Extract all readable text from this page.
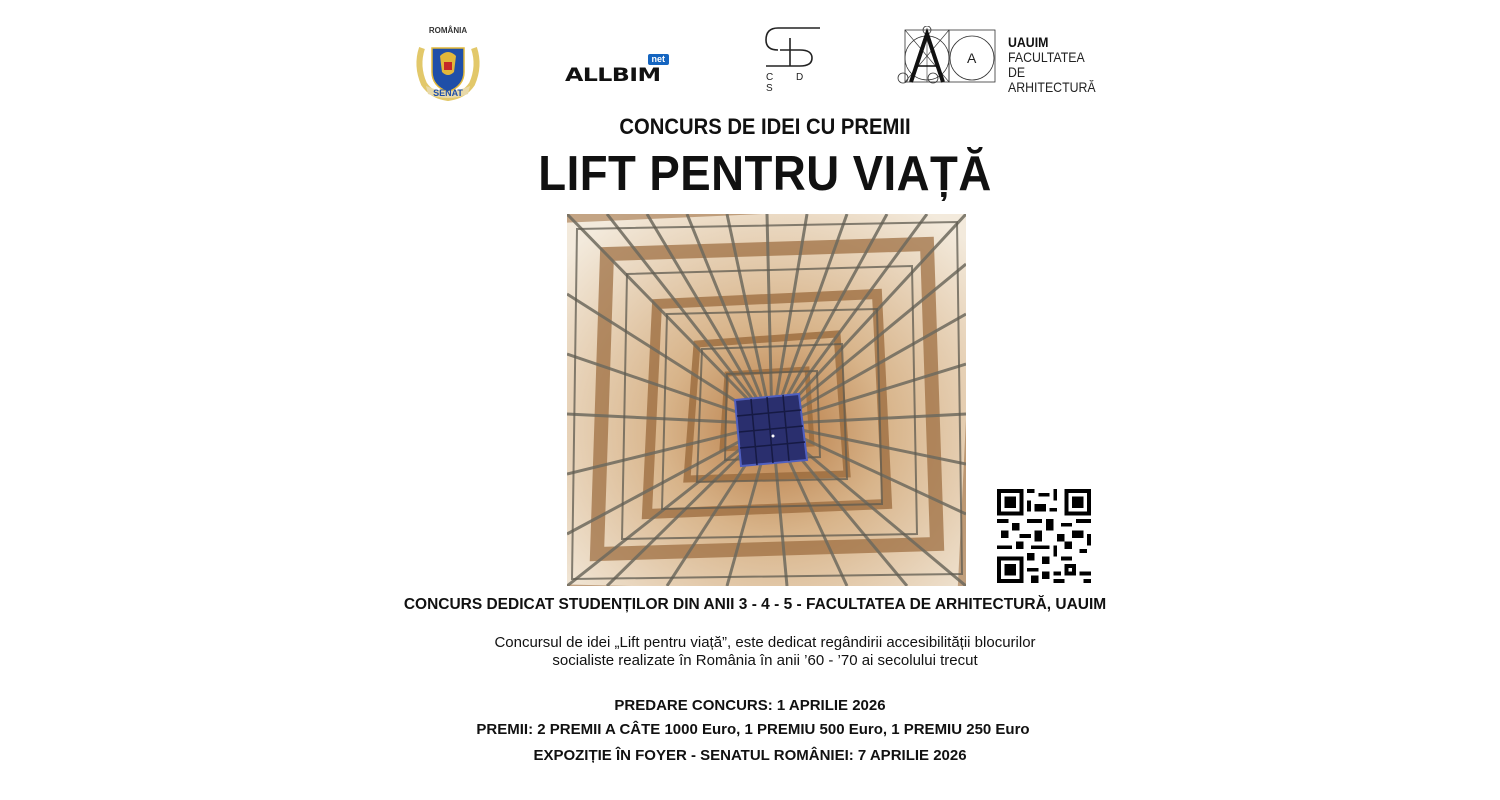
ROMÂNIA
SENAT
net
ALLBIM	C D S
A
UAUIM
FACULTATEA DE
ARHITECTURĂ
CONCURS DE IDEI CU PREMII
LIFT PENTRU VIAȚĂ
CONCURS DEDICAT STUDENȚILOR DIN ANII 3 - 4 - 5 - FACULTATEA DE ARHITECTURĂ, UAUIM
Concursul de idei „Lift pentru viață”, este dedicat regândirii accesibilității blocurilor
socialiste realizate în România în anii ’60 - ’70 ai secolului trecut
PREDARE CONCURS: 1 APRILIE 2026
PREMII: 2 PREMII A CÂTE 1000 Euro, 1 PREMIU 500 Euro, 1 PREMIU 250 Euro
EXPOZIȚIE ÎN FOYER - SENATUL ROMÂNIEI: 7 APRILIE 2026
